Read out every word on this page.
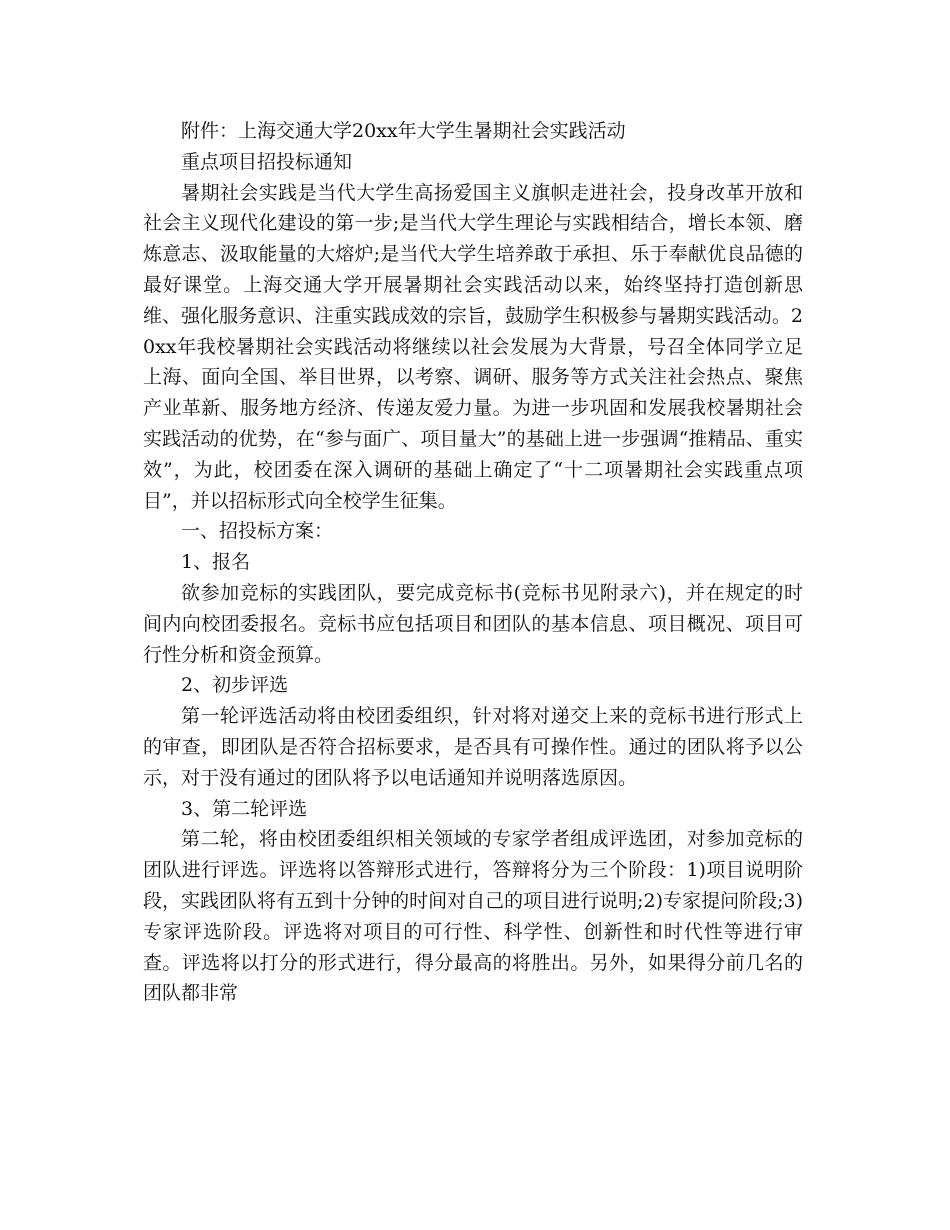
附件：上海交通大学20xx年大学生暑期社会实践活动

重点项目招投标通知

暑期社会实践是当代大学生高扬爱国主义旗帜走进社会，投身改革开放和社会主义现代化建设的第一步;是当代大学生理论与实践相结合，增长本领、磨炼意志、汲取能量的大熔炉;是当代大学生培养敢于承担、乐于奉献优良品德的最好课堂。上海交通大学开展暑期社会实践活动以来，始终坚持打造创新思维、强化服务意识、注重实践成效的宗旨，鼓励学生积极参与暑期实践活动。20xx年我校暑期社会实践活动将继续以社会发展为大背景，号召全体同学立足上海、面向全国、举目世界，以考察、调研、服务等方式关注社会热点、聚焦产业革新、服务地方经济、传递友爱力量。为进一步巩固和发展我校暑期社会实践活动的优势，在“参与面广、项目量大”的基础上进一步强调“推精品、重实效”，为此，校团委在深入调研的基础上确定了“十二项暑期社会实践重点项目”，并以招标形式向全校学生征集。

一、招投标方案：

1、报名

欲参加竞标的实践团队，要完成竞标书(竞标书见附录六)，并在规定的时间内向校团委报名。竞标书应包括项目和团队的基本信息、项目概况、项目可行性分析和资金预算。

2、初步评选

第一轮评选活动将由校团委组织，针对将对递交上来的竞标书进行形式上的审查，即团队是否符合招标要求，是否具有可操作性。通过的团队将予以公示，对于没有通过的团队将予以电话通知并说明落选原因。

3、第二轮评选

第二轮，将由校团委组织相关领域的专家学者组成评选团，对参加竞标的团队进行评选。评选将以答辩形式进行，答辩将分为三个阶段：1)项目说明阶段，实践团队将有五到十分钟的时间对自己的项目进行说明;2)专家提问阶段;3)专家评选阶段。评选将对项目的可行性、科学性、创新性和时代性等进行审查。评选将以打分的形式进行，得分最高的将胜出。另外，如果得分前几名的团队都非常
